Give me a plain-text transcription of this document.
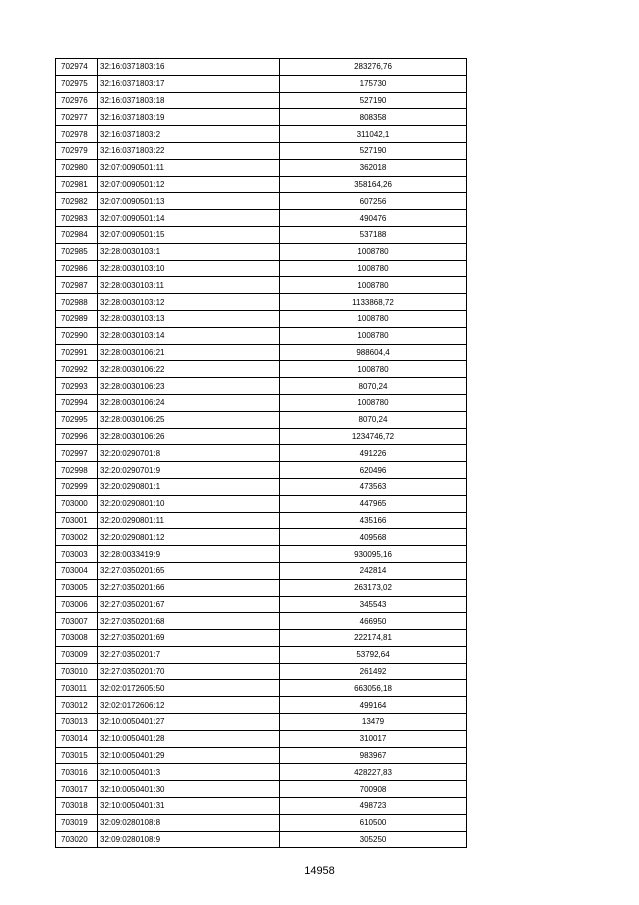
702974	32:16:0371803:16	283276,76
702975	32:16:0371803:17	175730
702976	32:16:0371803:18	527190
702977	32:16:0371803:19	808358
702978	32:16:0371803:2	311042,1
702979	32:16:0371803:22	527190
702980	32:07:0090501:11	362018
702981	32:07:0090501:12	358164,26
702982	32:07:0090501:13	607256
702983	32:07:0090501:14	490476
702984	32:07:0090501:15	537188
702985	32:28:0030103:1	1008780
702986	32:28:0030103:10	1008780
702987	32:28:0030103:11	1008780
702988	32:28:0030103:12	1133868,72
702989	32:28:0030103:13	1008780
702990	32:28:0030103:14	1008780
702991	32:28:0030106:21	988604,4
702992	32:28:0030106:22	1008780
702993	32:28:0030106:23	8070,24
702994	32:28:0030106:24	1008780
702995	32:28:0030106:25	8070,24
702996	32:28:0030106:26	1234746,72
702997	32:20:0290701:8	491226
702998	32:20:0290701:9	620496
702999	32:20:0290801:1	473563
703000	32:20:0290801:10	447965
703001	32:20:0290801:11	435166
703002	32:20:0290801:12	409568
703003	32:28:0033419:9	930095,16
703004	32:27:0350201:65	242814
703005	32:27:0350201:66	263173,02
703006	32:27:0350201:67	345543
703007	32:27:0350201:68	466950
703008	32:27:0350201:69	222174,81
703009	32:27:0350201:7	53792,64
703010	32:27:0350201:70	261492
703011	32:02:0172605:50	663056,18
703012	32:02:0172606:12	499164
703013	32:10:0050401:27	13479
703014	32:10:0050401:28	310017
703015	32:10:0050401:29	983967
703016	32:10:0050401:3	428227,83
703017	32:10:0050401:30	700908
703018	32:10:0050401:31	498723
703019	32:09:0280108:8	610500
703020	32:09:0280108:9	305250
14958
